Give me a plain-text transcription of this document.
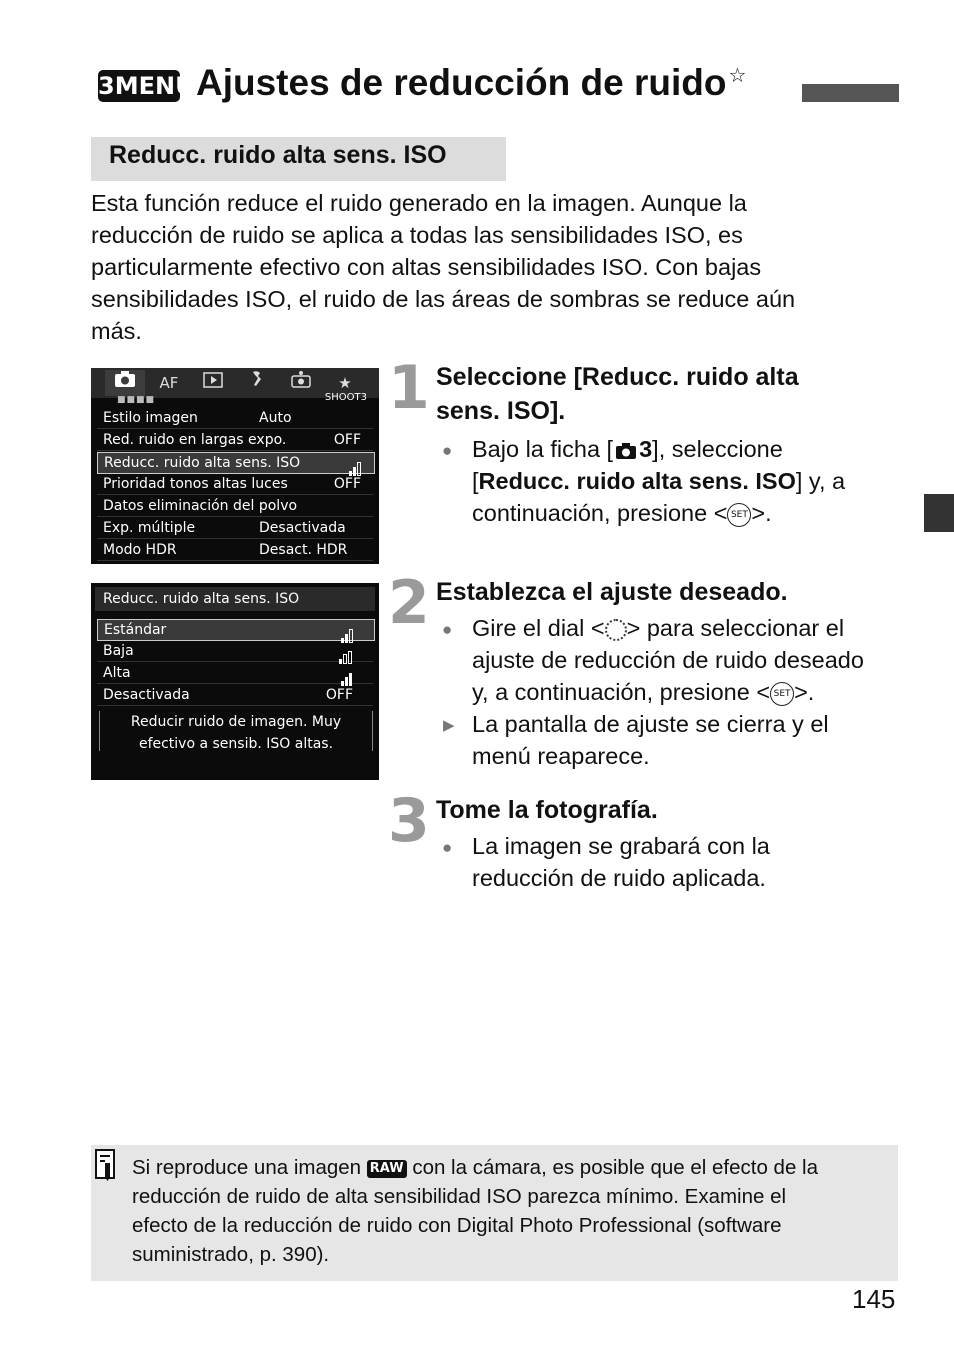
3MENU Ajustes de reducción de ruido ☆
Reducc. ruido alta sens. ISO
Esta función reduce el ruido generado en la imagen. Aunque la
reducción de ruido se aplica a todas las sensibilidades ISO, es
particularmente efectivo con altas sensibilidades ISO. Con bajas
sensibilidades ISO, el ruido de las áreas de sombras se reduce aún
más.
AF	★
■■■■	SHOOT3
Estilo imagen	Auto
Red. ruido en largas expo.	OFF
Reducc. ruido alta sens. ISO
Prioridad tonos altas luces	OFF
Datos eliminación del polvo
Exp. múltiple	Desactivada
Modo HDR	Desact. HDR
Reducc. ruido alta sens. ISO
Estándar
Baja
Alta
Desactivada	OFF
Reducir ruido de imagen. Muy
efectivo a sensib. ISO altas.
1 Seleccione [Reducc. ruido alta
sens. ISO].
● Bajo la ficha [ 3], seleccione
[Reducc. ruido alta sens. ISO] y, a
continuación, presione < SET >.
2 Establezca el ajuste deseado.
● Gire el dial < > para seleccionar el
ajuste de reducción de ruido deseado
y, a continuación, presione < SET >.
▶ La pantalla de ajuste se cierra y el
menú reaparece.
3 Tome la fotografía.
● La imagen se grabará con la
reducción de ruido aplicada.
Si reproduce una imagen RAW con la cámara, es posible que el efecto de la
reducción de ruido de alta sensibilidad ISO parezca mínimo. Examine el
efecto de la reducción de ruido con Digital Photo Professional (software
suministrado, p. 390).
145
